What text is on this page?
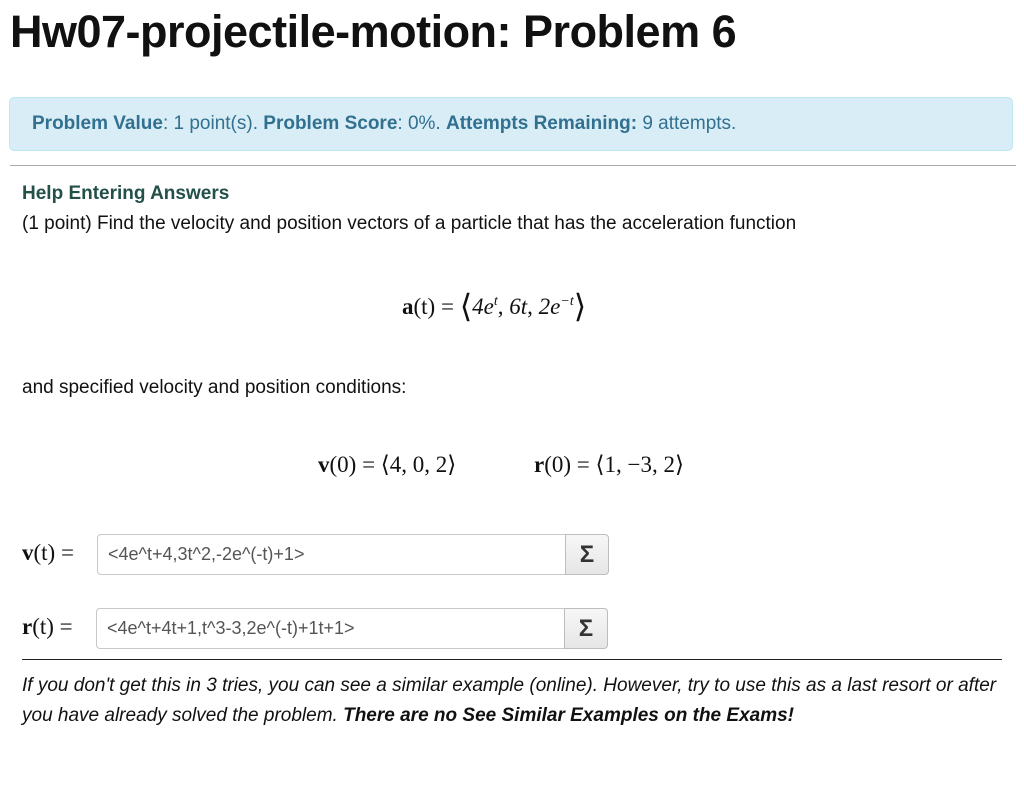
Hw07-projectile-motion: Problem 6
Problem Value : 1 point(s). Problem Score : 0%. Attempts Remaining: 9 attempts.
Help Entering Answers
(1 point) Find the velocity and position vectors of a particle that has the acceleration function
$a(t) = ⟨4e^t$, 6t, $2e^{-t}⟩$
and specified velocity and position conditions:
v(0) = ⟨4, 0, 2⟩	r(0) = ⟨1, −3, 2⟩
v(t) =	<4e^t+4,3t^2,-2e^(-t)+1>	Σ
r(t) =	<4e^t+4t+1,t^3-3,2e^(-t)+1t+1>	Σ
If you don't get this in 3 tries, you can see a similar example (online). However, try to use this as a last resort or after you have already solved the problem. There are no See Similar Examples on the Exams!
